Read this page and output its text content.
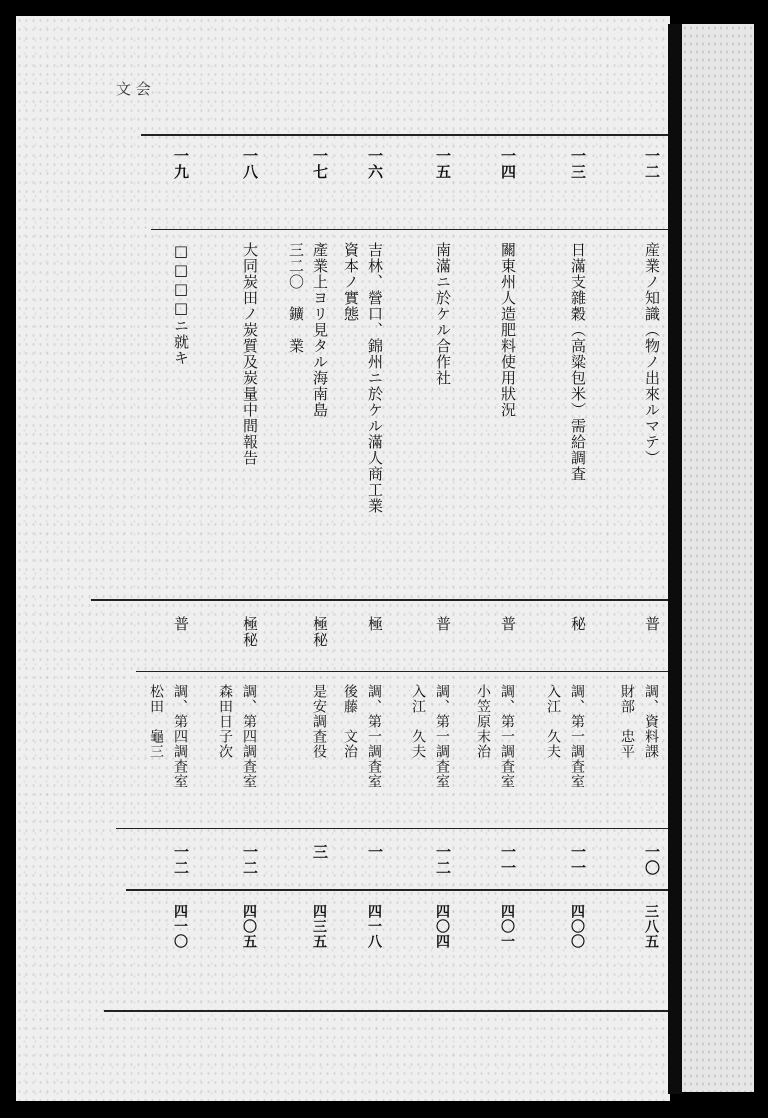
文 会
一二
産業ノ知識（物ノ出來ルマテ）
普
調、資料課
財部　忠平
一〇
三八五
一三
日滿支雜穀（高粱包米）需給調査
秘
調、第一調査室
入江　久夫
一一
四〇〇
一四
關東州人造肥料使用狀況
普
調、第一調査室
小笠原末治
一一
四〇一
一五
南滿ニ於ケル合作社
普
調、第一調査室
入江　久夫
一二
四〇四
一六
吉林、營口、錦州ニ於ケル滿人商工業
資本ノ實態
極
調、第一調査室
後藤　文治
一
四一八
一七
產業上ヨリ見タル海南島
三二〇　鑛　業
極秘
是安調査役
三
四三五
一八
大同炭田ノ炭質及炭量中間報告
極秘
調、第四調査室
森田日子次
一二
四〇五
一九
□□□□ニ就キ
普
調、第四調査室
松田　龜三
一二
四一〇
